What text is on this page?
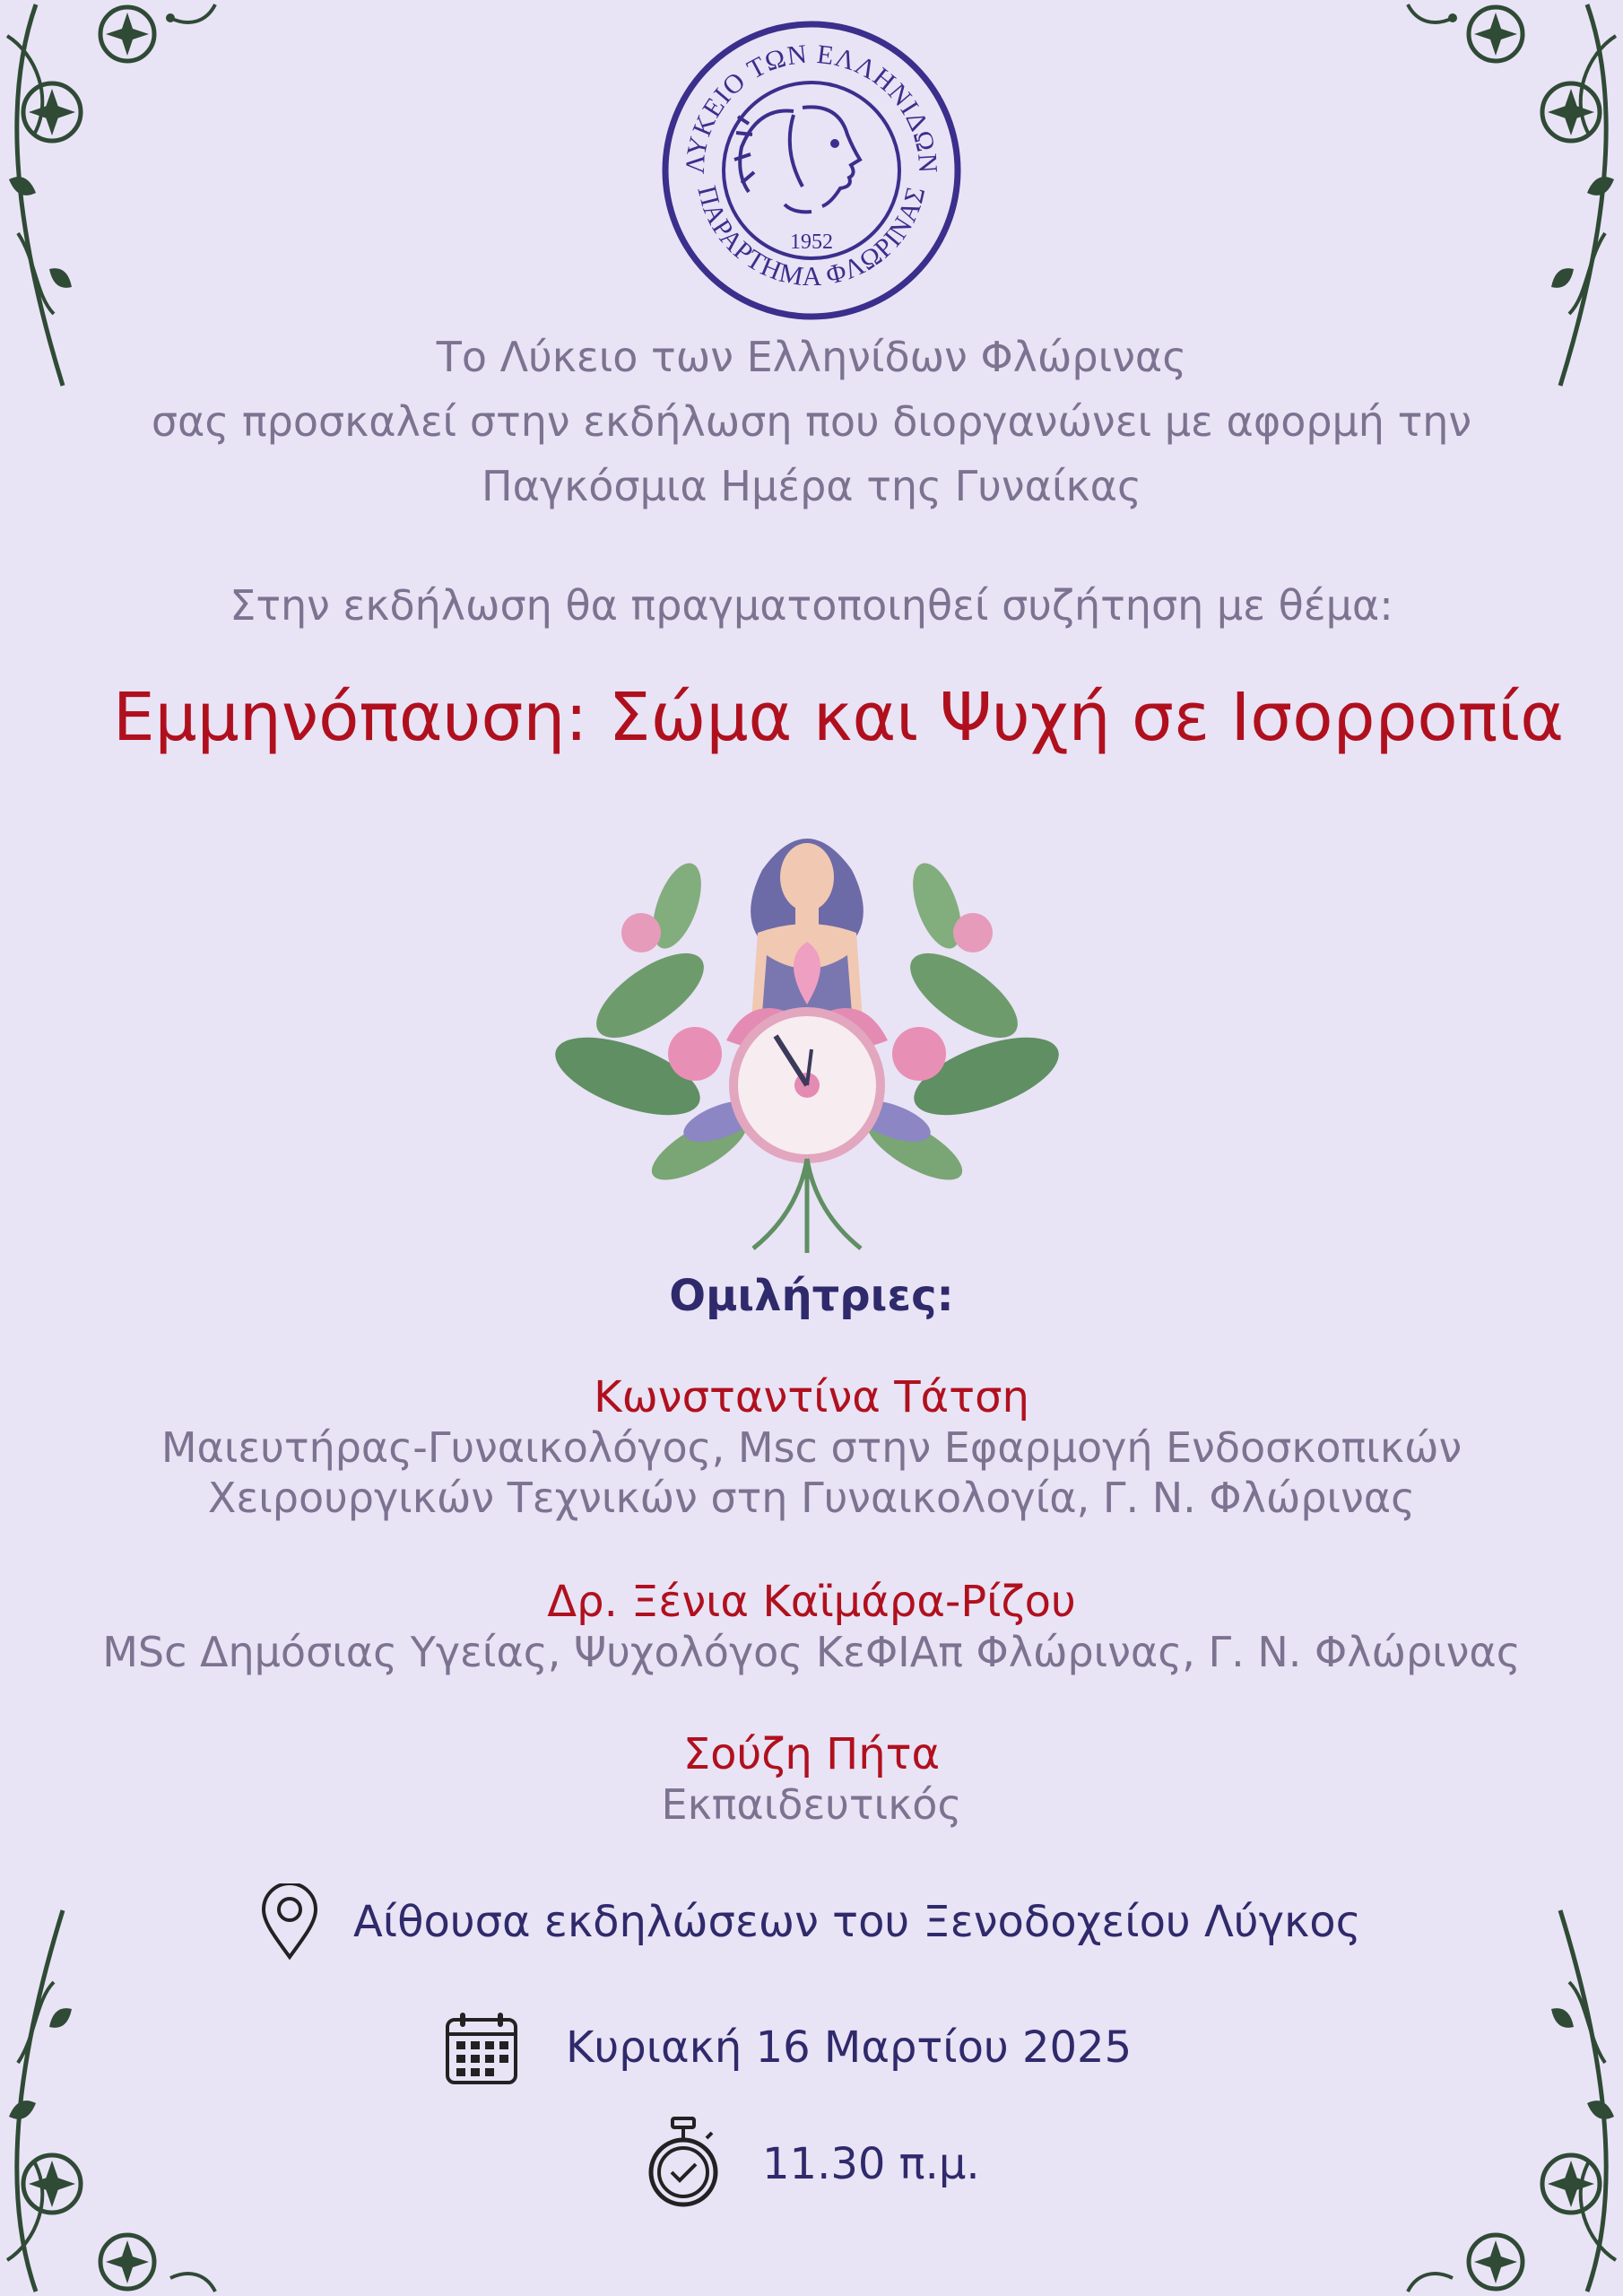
ΛΥΚΕΙΟ ΤΩΝ ΕΛΛΗΝΙΔΩΝ
ΠΑΡΑΡΤΗΜΑ ΦΛΩΡΙΝΑΣ
1952
Το Λύκειο των Ελληνίδων Φλώρινας
σας προσκαλεί στην εκδήλωση που διοργανώνει με αφορμή την
Παγκόσμια Ημέρα της Γυναίκας
Στην εκδήλωση θα πραγματοποιηθεί συζήτηση με θέμα:
Εμμηνόπαυση: Σώμα και Ψυχή σε Ισορροπία
Ομιλήτριες:
Κωνσταντίνα Τάτση
Μαιευτήρας-Γυναικολόγος, Msc στην Εφαρμογή Ενδοσκοπικών
Χειρουργικών Τεχνικών στη Γυναικολογία, Γ. Ν. Φλώρινας
Δρ. Ξένια Καϊμάρα-Ρίζου
MSc Δημόσιας Υγείας, Ψυχολόγος ΚεΦΙΑπ Φλώρινας, Γ. Ν. Φλώρινας
Σούζη Πήτα
Εκπαιδευτικός
Αίθουσα εκδηλώσεων του Ξενοδοχείου Λύγκος
Κυριακή 16 Μαρτίου 2025
11.30 π.μ.
